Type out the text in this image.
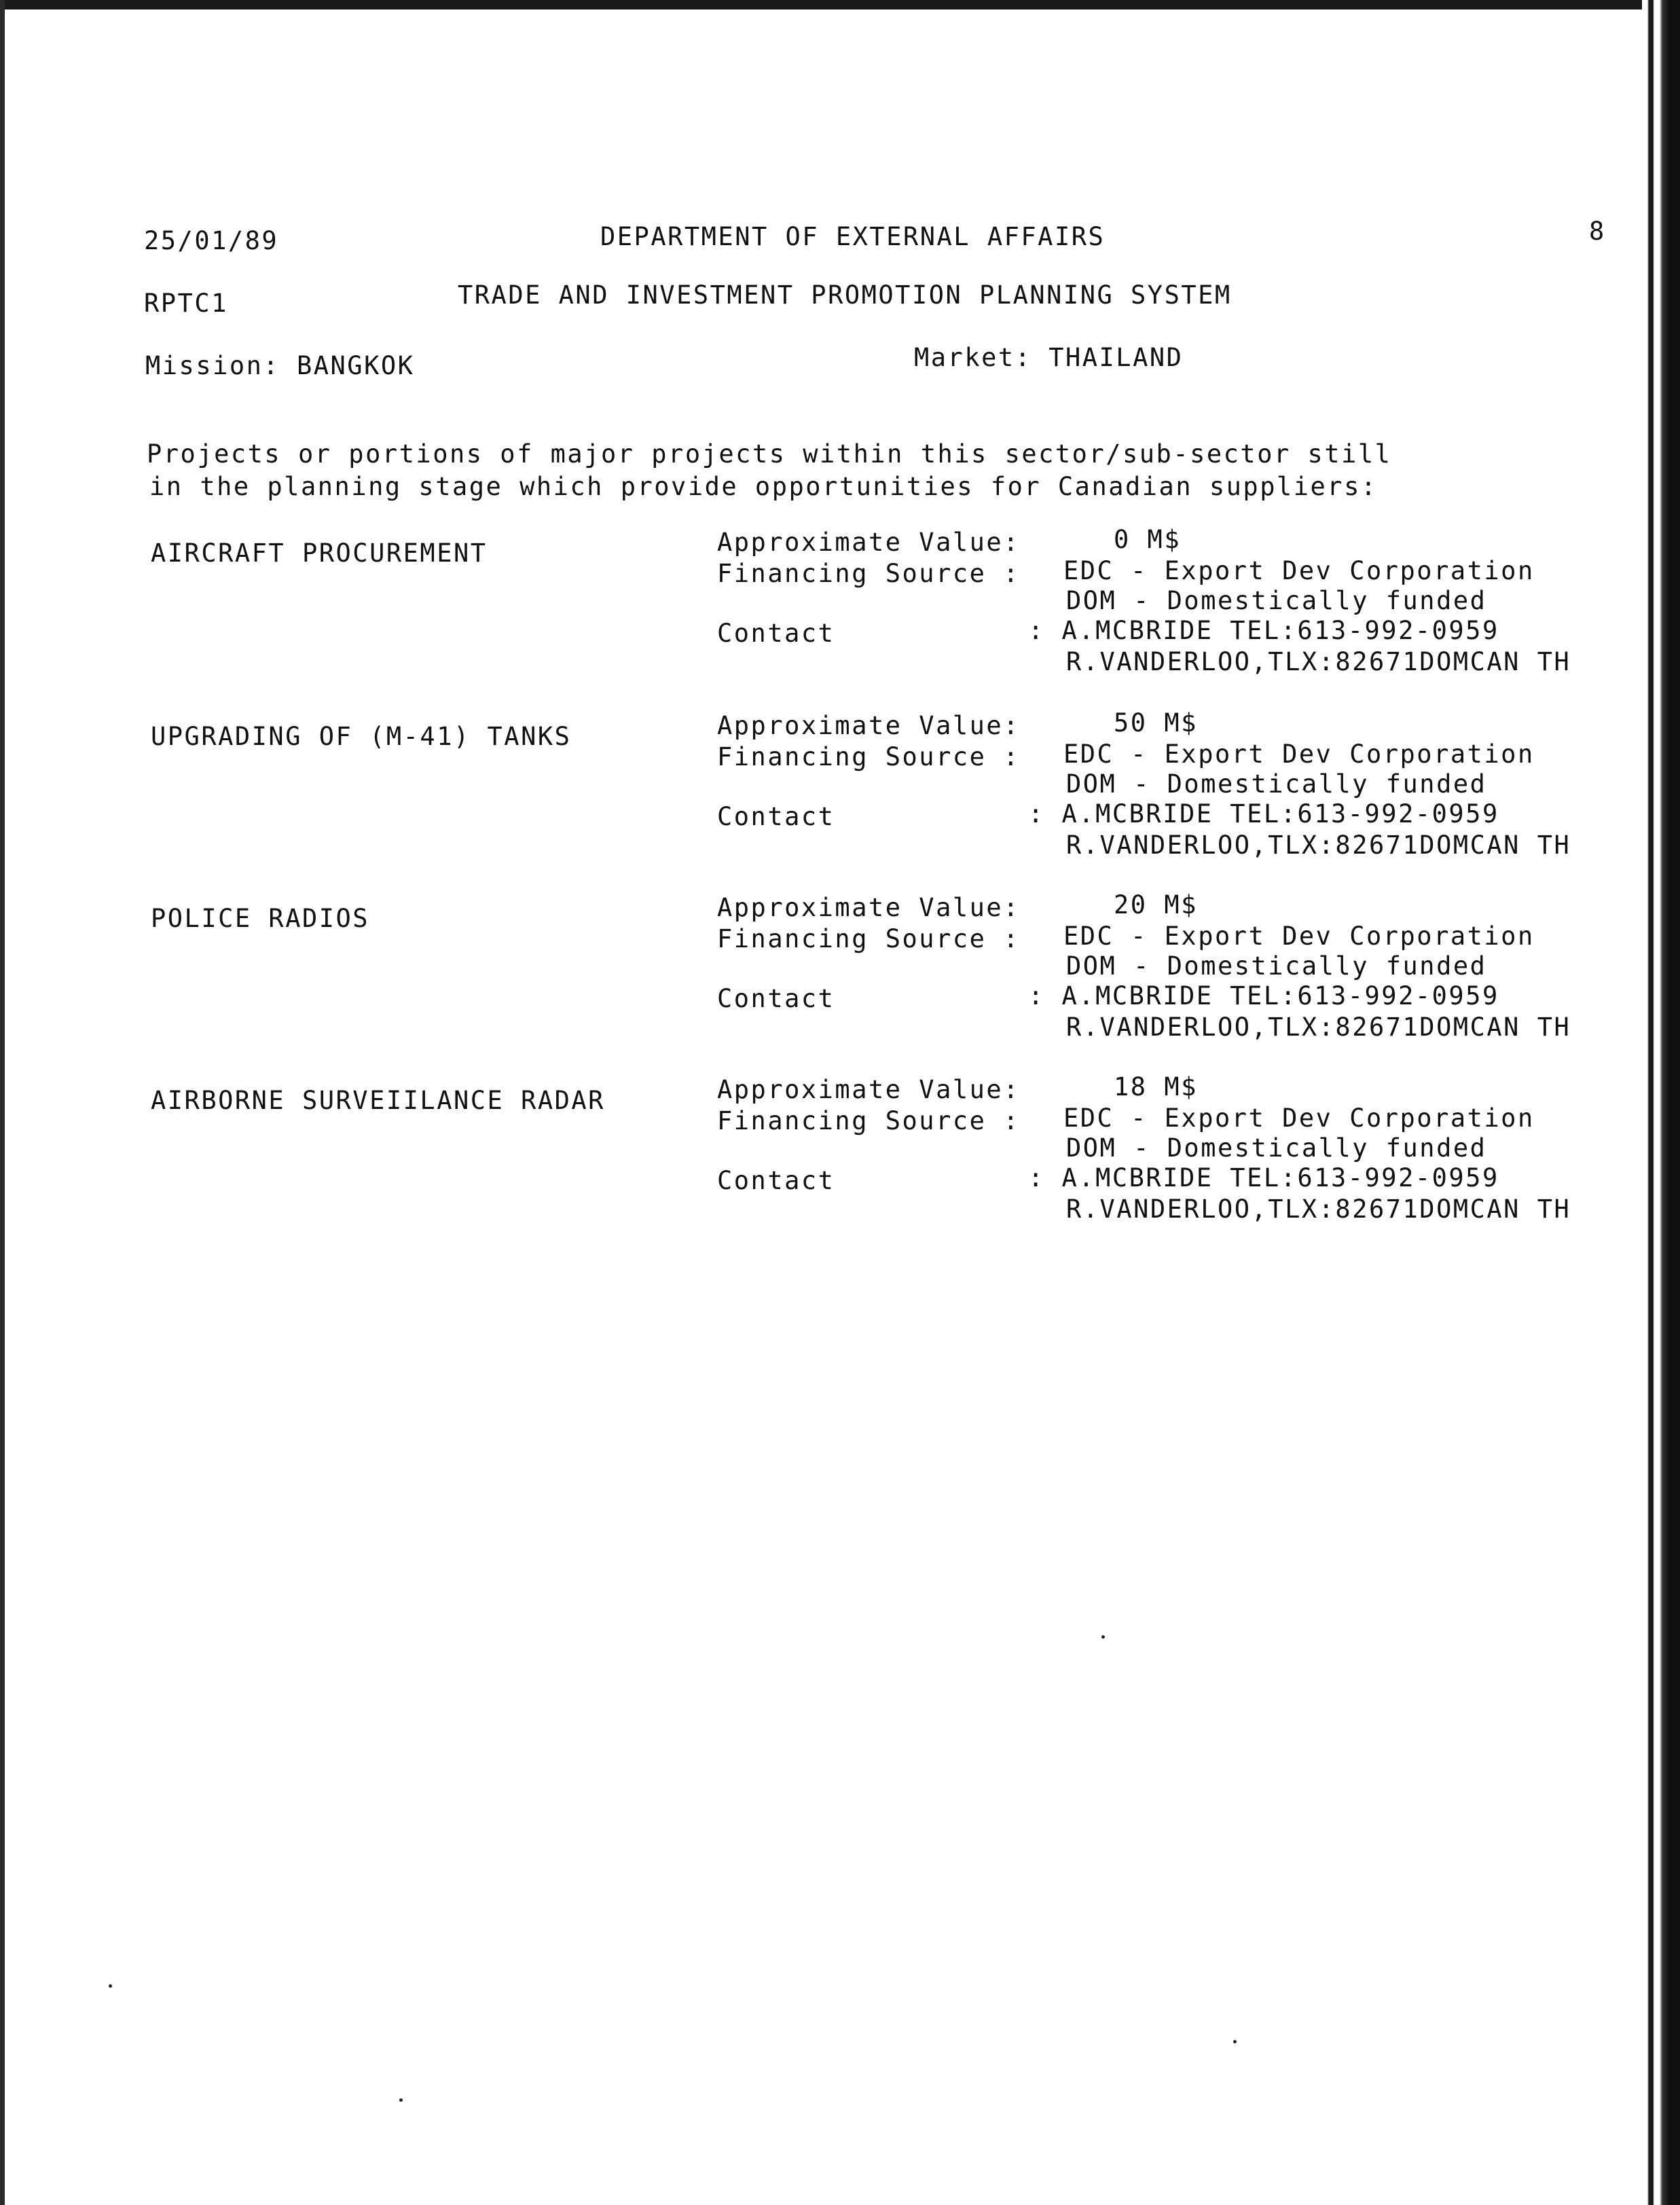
25/01/89	DEPARTMENT OF EXTERNAL AFFAIRS	8
RPTC1	TRADE AND INVESTMENT PROMOTION PLANNING SYSTEM
Mission: BANGKOK	Market: THAILAND
Projects or portions of major projects within this sector/sub-sector still
in the planning stage which provide opportunities for Canadian suppliers:
AIRCRAFT PROCUREMENT	Approximate Value:	0 M$
Financing Source : EDC - Export Dev Corporation
DOM - Domestically funded
Contact	: A.MCBRIDE TEL:613-992-0959
R.VANDERLOO,TLX:82671DOMCAN TH
UPGRADING OF (M-41) TANKS	Approximate Value:	50 M$
Financing Source : EDC - Export Dev Corporation
DOM - Domestically funded
Contact	: A.MCBRIDE TEL:613-992-0959
R.VANDERLOO,TLX:82671DOMCAN TH
POLICE RADIOS	Approximate Value:	20 M$
Financing Source : EDC - Export Dev Corporation
DOM - Domestically funded
Contact	: A.MCBRIDE TEL:613-992-0959
R.VANDERLOO,TLX:82671DOMCAN TH
AIRBORNE SURVEIILANCE RADAR	Approximate Value:	18 M$
Financing Source : EDC - Export Dev Corporation
DOM - Domestically funded
Contact	: A.MCBRIDE TEL:613-992-0959
R.VANDERLOO,TLX:82671DOMCAN TH
